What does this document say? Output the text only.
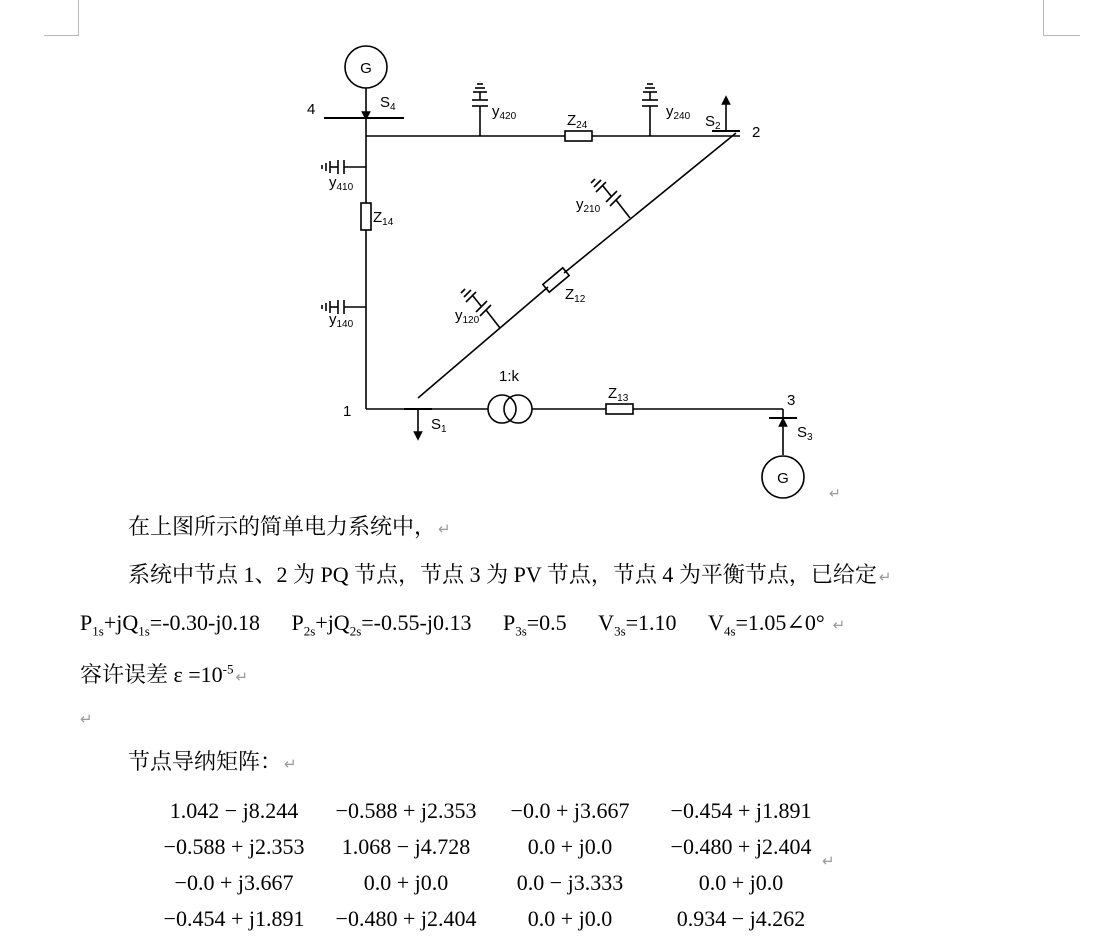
G
G
4
2
1
3
1:k
$S_4$
$S_2$
$S_1$	$S_3$
$Z_{24}$
$Z_{14}$
$Z_{12}$
$Z_{13}$
$y_{420}$	$y_{240}$
$y_{410}$
$y_{140}$
$y_{210}$
$y_{120}$
↵
在上图所示的简单电力系统中， ↵
系统中节点 1、2 为 PQ 节点，节点 3 为 PV 节点，节点 4 为平衡节点，已给定 ↵
$P_{1s}+jQ_{1s}=-0.30-j0.18$ $P_{2s}+jQ_{2s}=-0.55-j0.13$ $P_{3s}=0.5$ $V_{3s}=1.10$ $V_{4s}=1.05\angle 0^\circ$ ↵
容许误差 $\varepsilon =10^{-5}$ ↵
↵
节点导纳矩阵： ↵
1.042 − j8.244	−0.588 + j2.353	−0.0 + j3.667	−0.454 + j1.891
−0.588 + j2.353	1.068 − j4.728	0.0 + j0.0	−0.480 + j2.404
−0.0 + j3.667	0.0 + j0.0	0.0 − j3.333	0.0 + j0.0
−0.454 + j1.891	−0.480 + j2.404	0.0 + j0.0	0.934 − j4.262
↵
